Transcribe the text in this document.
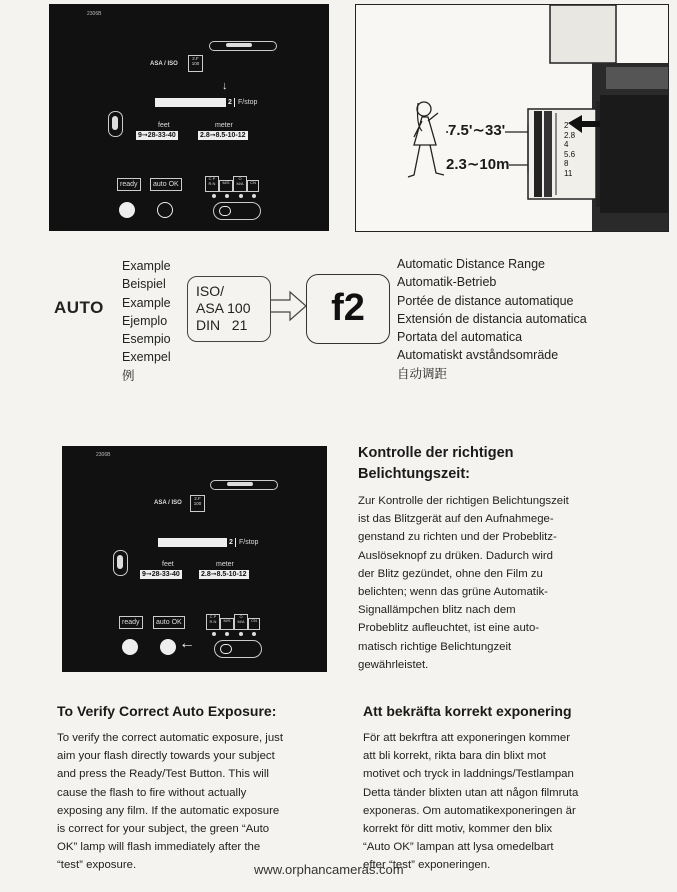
2306B
ASA / ISO
2.F
100
↓
2 F/stop
feet	meter
9➞28-33-40	2.8➞8.5-10-12
ready	auto OK
C P
R.N	M/S
O
M/A	CN
7.5'∼33'
2.3∼10m
2
2.8
4
5.6
8
11
AUTO
Example
Beispiel
Example
Ejemplo
Esempio
Exempel
例
ISO/
ASA 100
DIN   21	f2
Automatic Distance Range
Automatik-Betrieb
Portée de distance automatique
Extensión de distancia automatica
Portata del automatica
Automatiskt avståndsomräde
自动调距
2306B
ASA / ISO
2.F
100
2 F/stop
feet	meter
9➞28-33-40	2.8➞8.5-10-12
ready	auto OK
←
C P
R.N	M/S
O
M/A	CN
Kontrolle der richtigen
Belichtungszeit:
Zur Kontrolle der richtigen Belichtungszeit
ist das Blitzgerät auf den Aufnahmege-
genstand zu richten und der Probeblitz-
Auslöseknopf zu drüken. Dadurch wird
der Blitz gezündet, ohne den Film zu
belichten; wenn das grüne Automatik-
Signallämpchen blitz nach dem
Probeblitz aufleuchtet, ist eine auto-
matisch richtige Belichtungzeit
gewährleistet.
To Verify Correct Auto Exposure:
To verify the correct automatic exposure, just
aim your flash directly towards your subject
and press the Ready/Test Button. This will
cause the flash to fire without actually
exposing any film. If the automatic exposure
is correct for your subject, the green “Auto
OK” lamp will flash immediately after the
“test” exposure.
Att bekräfta korrekt exponering
För att bekrftra att exponeringen kommer
att bli korrekt, rikta bara din blixt mot
motivet och tryck in laddnings/Testlampan
Detta tänder blixten utan att någon filmruta
exponeras. Om automatikexponeringen är
korrekt för ditt motiv, kommer den blix
“Auto OK” lampan att lysa omedelbart
efter “test” exponeringen.
www.orphancameras.com
